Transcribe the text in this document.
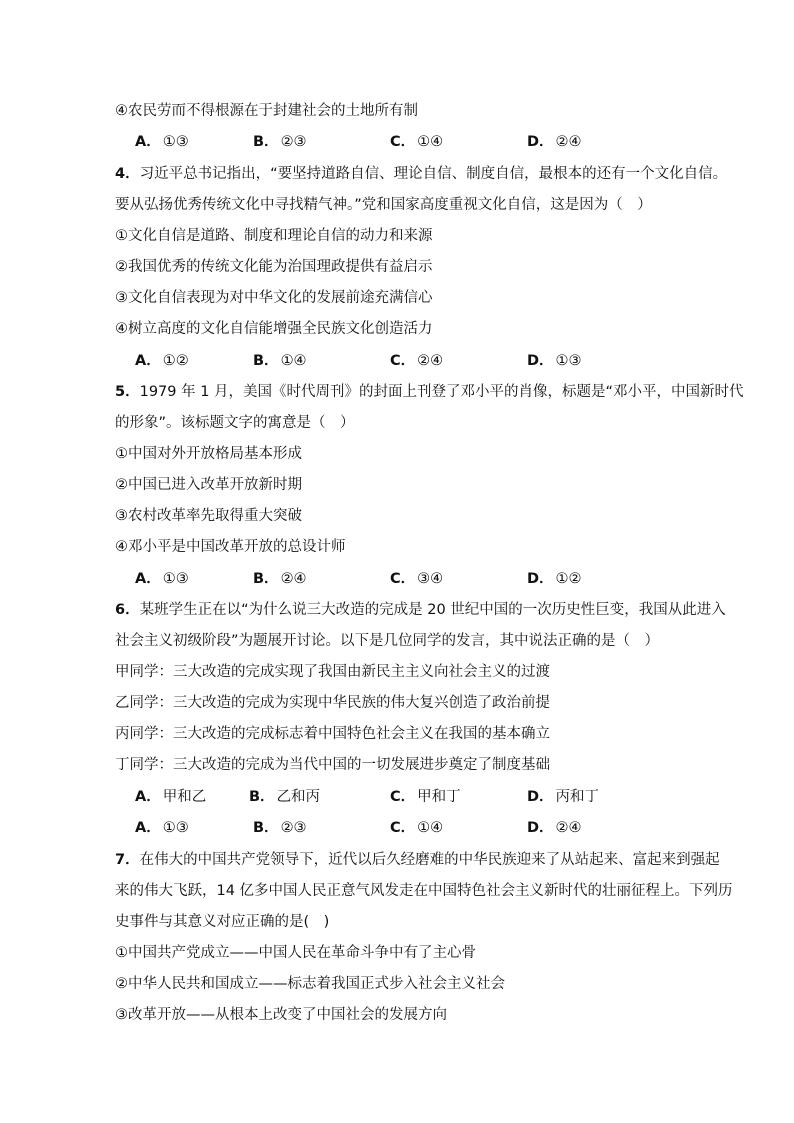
④农民劳而不得根源在于封建社会的土地所有制
A． ①③	B． ②③	C． ①④	D． ②④
4．习近平总书记指出，“要坚持道路自信、理论自信、制度自信，最根本的还有一个文化自信。
要从弘扬优秀传统文化中寻找精气神。”党和国家高度重视文化自信，这是因为（　）
①文化自信是道路、制度和理论自信的动力和来源
②我国优秀的传统文化能为治国理政提供有益启示
③文化自信表现为对中华文化的发展前途充满信心
④树立高度的文化自信能增强全民族文化创造活力
A． ①②	B． ①④	C． ②④	D． ①③
5．1979 年 1 月，美国《时代周刊》的封面上刊登了邓小平的肖像，标题是“邓小平，中国新时代
的形象”。该标题文字的寓意是（　）
①中国对外开放格局基本形成
②中国已进入改革开放新时期
③农村改革率先取得重大突破
④邓小平是中国改革开放的总设计师
A． ①③	B． ②④	C． ③④	D． ①②
6．某班学生正在以“为什么说三大改造的完成是 20 世纪中国的一次历史性巨变，我国从此进入
社会主义初级阶段”为题展开讨论。以下是几位同学的发言，其中说法正确的是（　）
甲同学：三大改造的完成实现了我国由新民主主义向社会主义的过渡
乙同学：三大改造的完成为实现中华民族的伟大复兴创造了政治前提
丙同学：三大改造的完成标志着中国特色社会主义在我国的基本确立
丁同学：三大改造的完成为当代中国的一切发展进步奠定了制度基础
A． 甲和乙	B． 乙和丙	C． 甲和丁	D． 丙和丁
A． ①③	B． ②③	C． ①④	D． ②④
7．在伟大的中国共产党领导下，近代以后久经磨难的中华民族迎来了从站起来、富起来到强起
来的伟大飞跃，14 亿多中国人民正意气风发走在中国特色社会主义新时代的壮丽征程上。下列历
史事件与其意义对应正确的是(　)
①中国共产党成立——中国人民在革命斗争中有了主心骨
②中华人民共和国成立——标志着我国正式步入社会主义社会
③改革开放——从根本上改变了中国社会的发展方向
